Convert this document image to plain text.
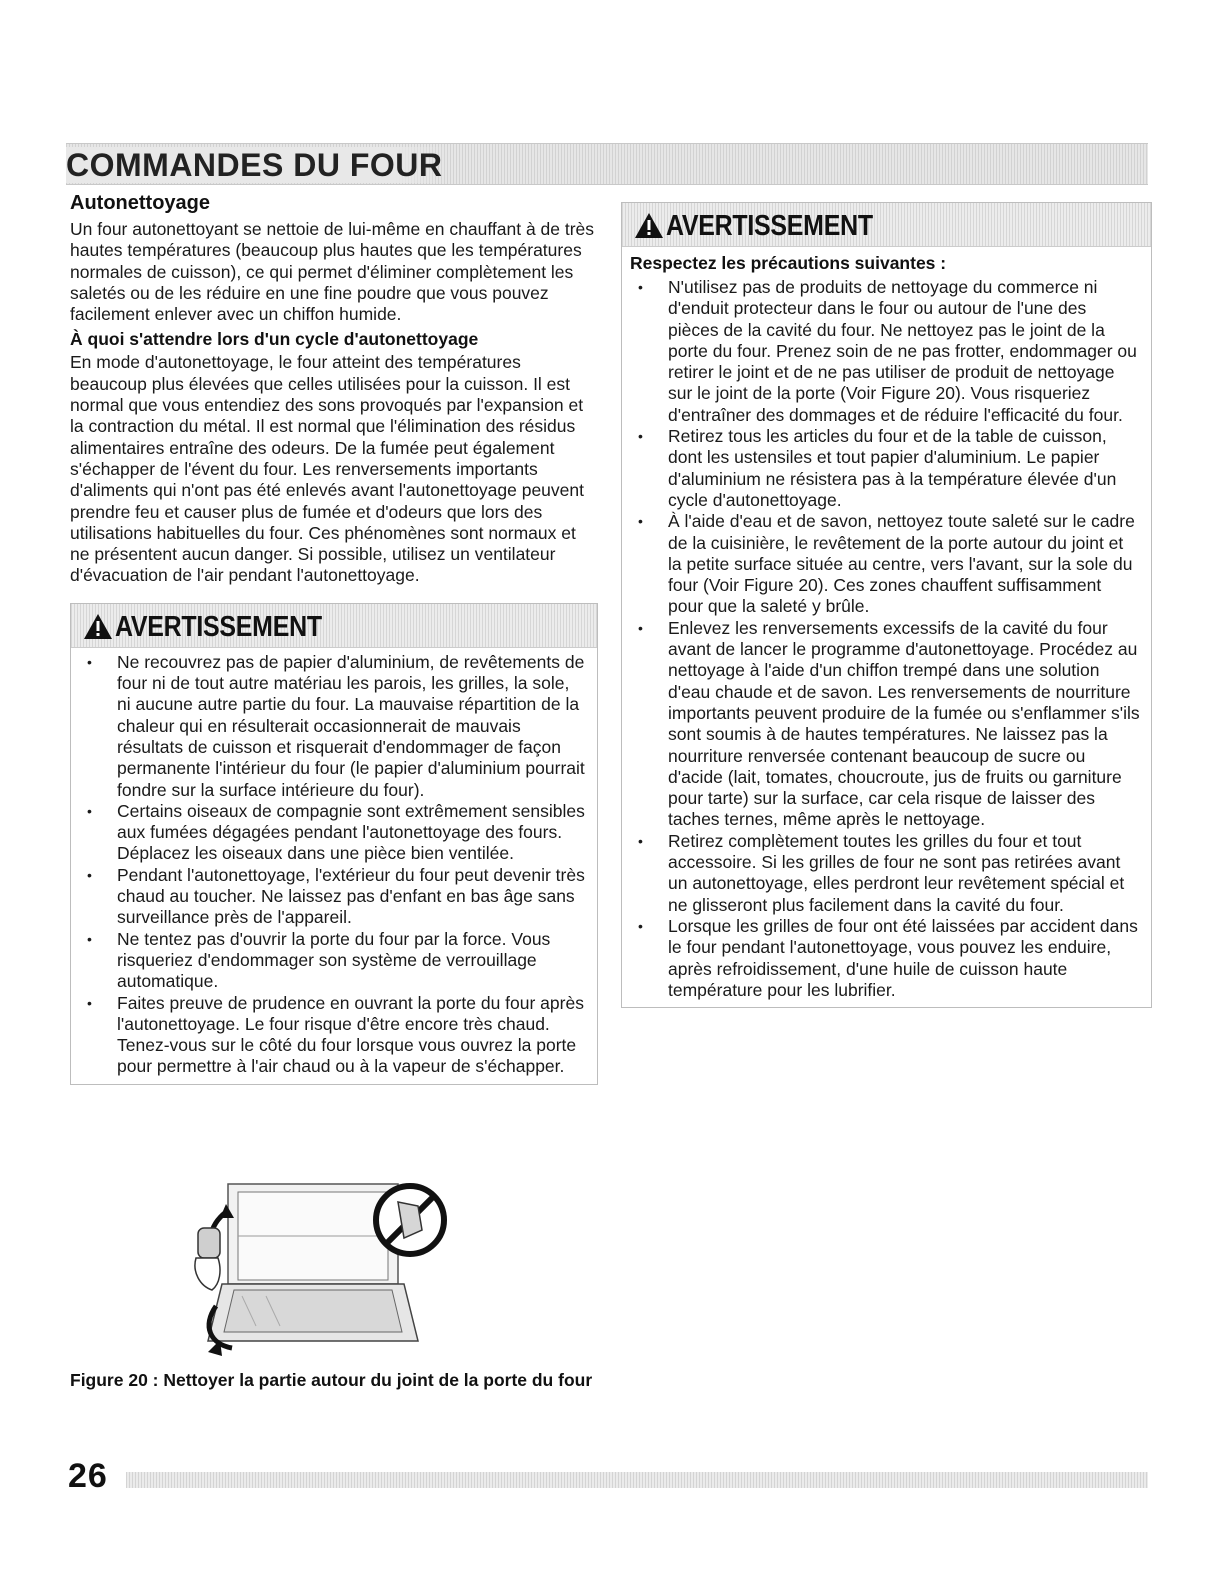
COMMANDES DU FOUR
Autonettoyage

Un four autonettoyant se nettoie de lui-même en chauffant à de très hautes températures (beaucoup plus hautes que les températures normales de cuisson), ce qui permet d'éliminer complètement les saletés ou de les réduire en une fine poudre que vous pouvez facilement enlever avec un chiffon humide.

À quoi s'attendre lors d'un cycle d'autonettoyage

En mode d'autonettoyage, le four atteint des températures beaucoup plus élevées que celles utilisées pour la cuisson. Il est normal que vous entendiez des sons provoqués par l'expansion et la contraction du métal. Il est normal que l'élimination des résidus alimentaires entraîne des odeurs. De la fumée peut également s'échapper de l'évent du four. Les renversements importants d'aliments qui n'ont pas été enlevés avant l'autonettoyage peuvent prendre feu et causer plus de fumée et d'odeurs que lors des utilisations habituelles du four. Ces phénomènes sont normaux et ne présentent aucun danger. Si possible, utilisez un ventilateur d'évacuation de l'air pendant l'autonettoyage.

AVERTISSEMENT
• Ne recouvrez pas de papier d'aluminium, de revêtements de four ni de tout autre matériau les parois, les grilles, la sole, ni aucune autre partie du four. La mauvaise répartition de la chaleur qui en résulterait occasionnerait de mauvais résultats de cuisson et risquerait d'endommager de façon permanente l'intérieur du four (le papier d'aluminium pourrait fondre sur la surface intérieure du four).
• Certains oiseaux de compagnie sont extrêmement sensibles aux fumées dégagées pendant l'autonettoyage des fours. Déplacez les oiseaux dans une pièce bien ventilée.
• Pendant l'autonettoyage, l'extérieur du four peut devenir très chaud au toucher. Ne laissez pas d'enfant en bas âge sans surveillance près de l'appareil.
• Ne tentez pas d'ouvrir la porte du four par la force. Vous risqueriez d'endommager son système de verrouillage automatique.
• Faites preuve de prudence en ouvrant la porte du four après l'autonettoyage. Le four risque d'être encore très chaud. Tenez-vous sur le côté du four lorsque vous ouvrez la porte pour permettre à l'air chaud ou à la vapeur de s'échapper.
Figure 20 : Nettoyer la partie autour du joint de la porte du four
AVERTISSEMENT
Respectez les précautions suivantes :
• N'utilisez pas de produits de nettoyage du commerce ni d'enduit protecteur dans le four ou autour de l'une des pièces de la cavité du four. Ne nettoyez pas le joint de la porte du four. Prenez soin de ne pas frotter, endommager ou retirer le joint et de ne pas utiliser de produit de nettoyage sur le joint de la porte (Voir Figure 20). Vous risqueriez d'entraîner des dommages et de réduire l'efficacité du four.
• Retirez tous les articles du four et de la table de cuisson, dont les ustensiles et tout papier d'aluminium. Le papier d'aluminium ne résistera pas à la température élevée d'un cycle d'autonettoyage.
• À l'aide d'eau et de savon, nettoyez toute saleté sur le cadre de la cuisinière, le revêtement de la porte autour du joint et la petite surface située au centre, vers l'avant, sur la sole du four (Voir Figure 20). Ces zones chauffent suffisamment pour que la saleté y brûle.
• Enlevez les renversements excessifs de la cavité du four avant de lancer le programme d'autonettoyage. Procédez au nettoyage à l'aide d'un chiffon trempé dans une solution d'eau chaude et de savon. Les renversements de nourriture importants peuvent produire de la fumée ou s'enflammer s'ils sont soumis à de hautes températures. Ne laissez pas la nourriture renversée contenant beaucoup de sucre ou d'acide (lait, tomates, choucroute, jus de fruits ou garniture pour tarte) sur la surface, car cela risque de laisser des taches ternes, même après le nettoyage.
• Retirez complètement toutes les grilles du four et tout accessoire. Si les grilles de four ne sont pas retirées avant un autonettoyage, elles perdront leur revêtement spécial et ne glisseront plus facilement dans la cavité du four.
• Lorsque les grilles de four ont été laissées par accident dans le four pendant l'autonettoyage, vous pouvez les enduire, après refroidissement, d'une huile de cuisson haute température pour les lubrifier.
26
